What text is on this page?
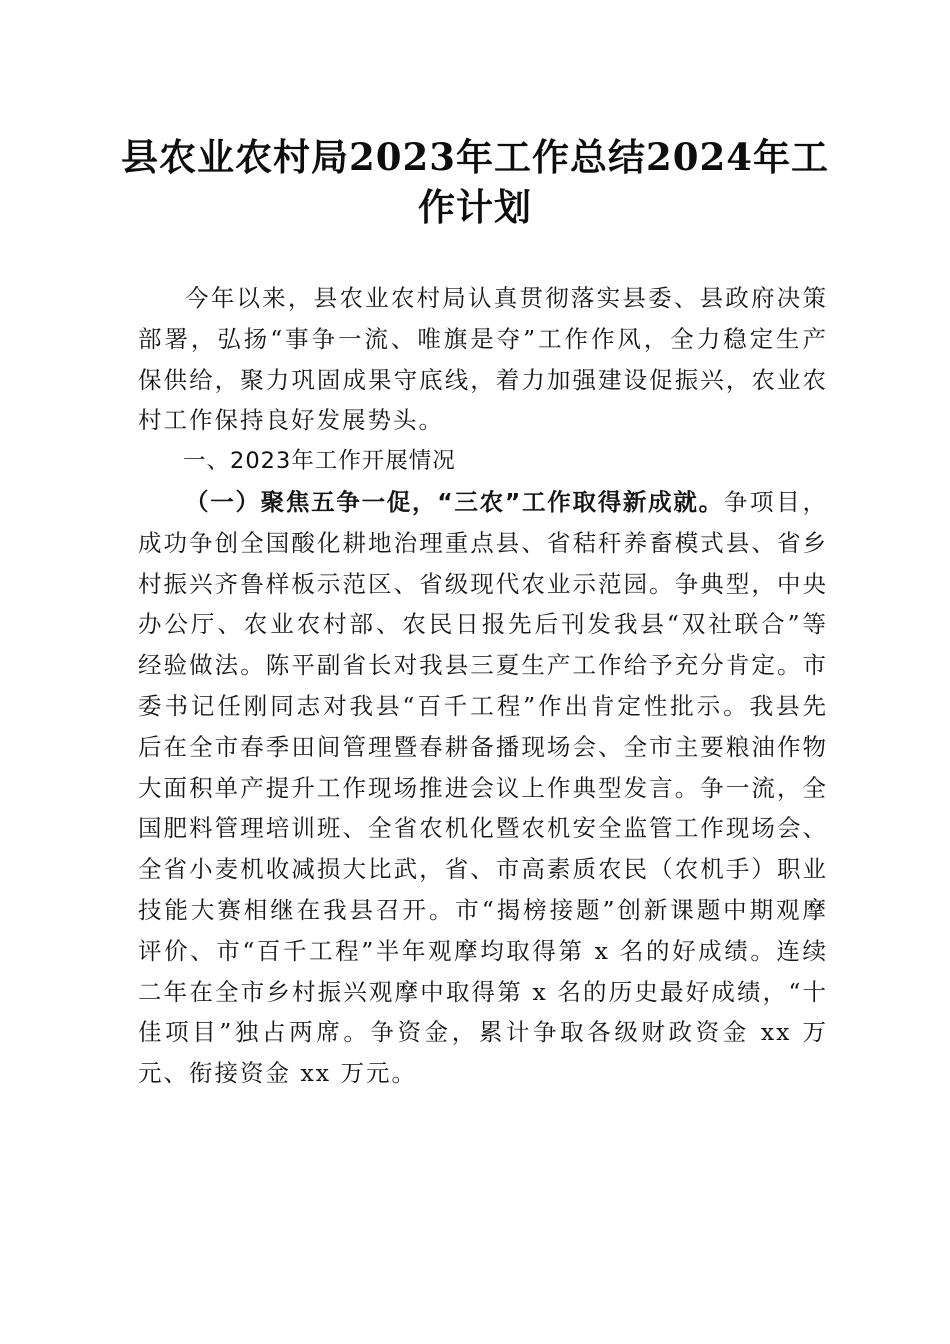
县农业农村局2023年工作总结2024年工作计划

今年以来，县农业农村局认真贯彻落实县委、县政府决策部署，弘扬“事争一流、唯旗是夺”工作作风，全力稳定生产保供给，聚力巩固成果守底线，着力加强建设促振兴，农业农村工作保持良好发展势头。

一、2023年工作开展情况

（一）聚焦五争一促，“三农”工作取得新成就。争项目，成功争创全国酸化耕地治理重点县、省秸秆养畜模式县、省乡村振兴齐鲁样板示范区、省级现代农业示范园。争典型，中央办公厅、农业农村部、农民日报先后刊发我县“双社联合”等经验做法。陈平副省长对我县三夏生产工作给予充分肯定。市委书记任刚同志对我县“百千工程”作出肯定性批示。我县先后在全市春季田间管理暨春耕备播现场会、全市主要粮油作物大面积单产提升工作现场推进会议上作典型发言。争一流，全国肥料管理培训班、全省农机化暨农机安全监管工作现场会、全省小麦机收减损大比武，省、市高素质农民（农机手）职业技能大赛相继在我县召开。市“揭榜接题”创新课题中期观摩评价、市“百千工程”半年观摩均取得第 x 名的好成绩。连续二年在全市乡村振兴观摩中取得第 x 名的历史最好成绩，“十佳项目”独占两席。争资金，累计争取各级财政资金 xx 万元、衔接资金 xx 万元。
